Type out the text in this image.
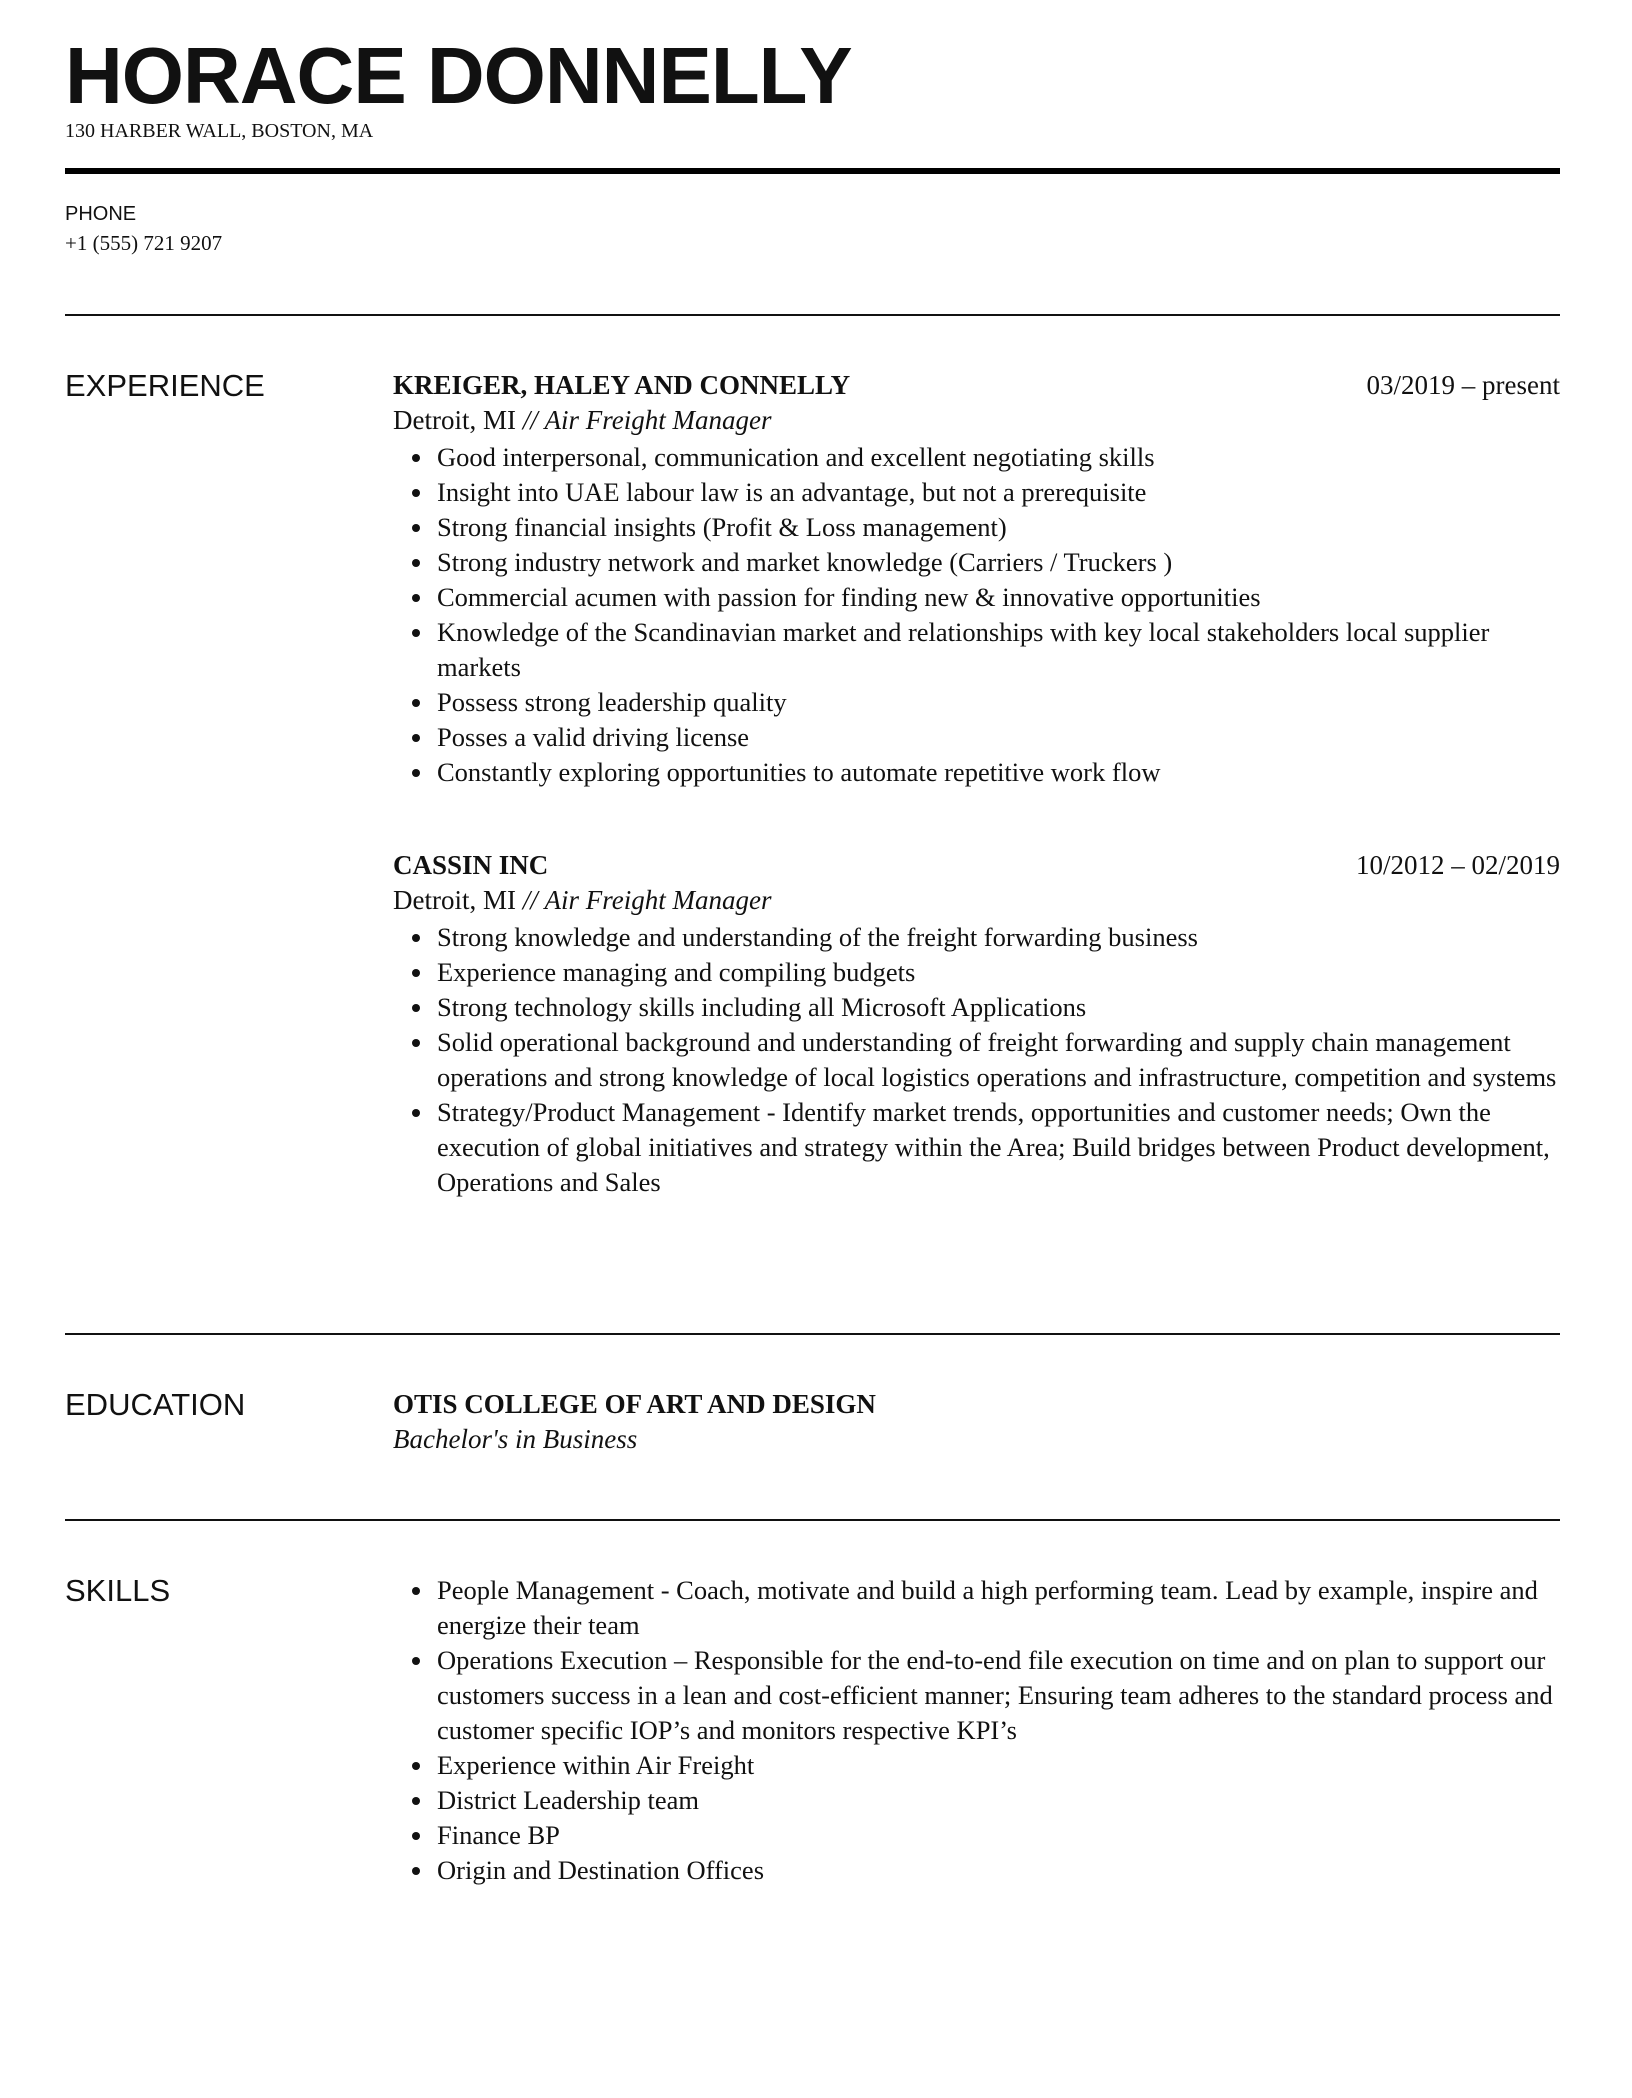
HORACE DONNELLY
130 HARBER WALL, BOSTON, MA
PHONE
+1 (555) 721 9207
EXPERIENCE	KREIGER, HALEY AND CONNELLY	03/2019 – present
Detroit, MI // Air Freight Manager
• Good interpersonal, communication and excellent negotiating skills
• Insight into UAE labour law is an advantage, but not a prerequisite
• Strong financial insights (Profit & Loss management)
• Strong industry network and market knowledge (Carriers / Truckers )
• Commercial acumen with passion for finding new & innovative opportunities
• Knowledge of the Scandinavian market and relationships with key local stakeholders local supplier markets
• Possess strong leadership quality
• Posses a valid driving license
• Constantly exploring opportunities to automate repetitive work flow
CASSIN INC	10/2012 – 02/2019
Detroit, MI // Air Freight Manager
• Strong knowledge and understanding of the freight forwarding business
• Experience managing and compiling budgets
• Strong technology skills including all Microsoft Applications
• Solid operational background and understanding of freight forwarding and supply chain management operations and strong knowledge of local logistics operations and infrastructure, competition and systems
• Strategy/Product Management - Identify market trends, opportunities and customer needs; Own the execution of global initiatives and strategy within the Area; Build bridges between Product development, Operations and Sales
EDUCATION	OTIS COLLEGE OF ART AND DESIGN
Bachelor's in Business
SKILLS	• People Management - Coach, motivate and build a high performing team. Lead by example, inspire and energize their team
• Operations Execution – Responsible for the end-to-end file execution on time and on plan to support our customers success in a lean and cost-efficient manner; Ensuring team adheres to the standard process and customer specific IOP’s and monitors respective KPI’s
• Experience within Air Freight
• District Leadership team
• Finance BP
• Origin and Destination Offices
